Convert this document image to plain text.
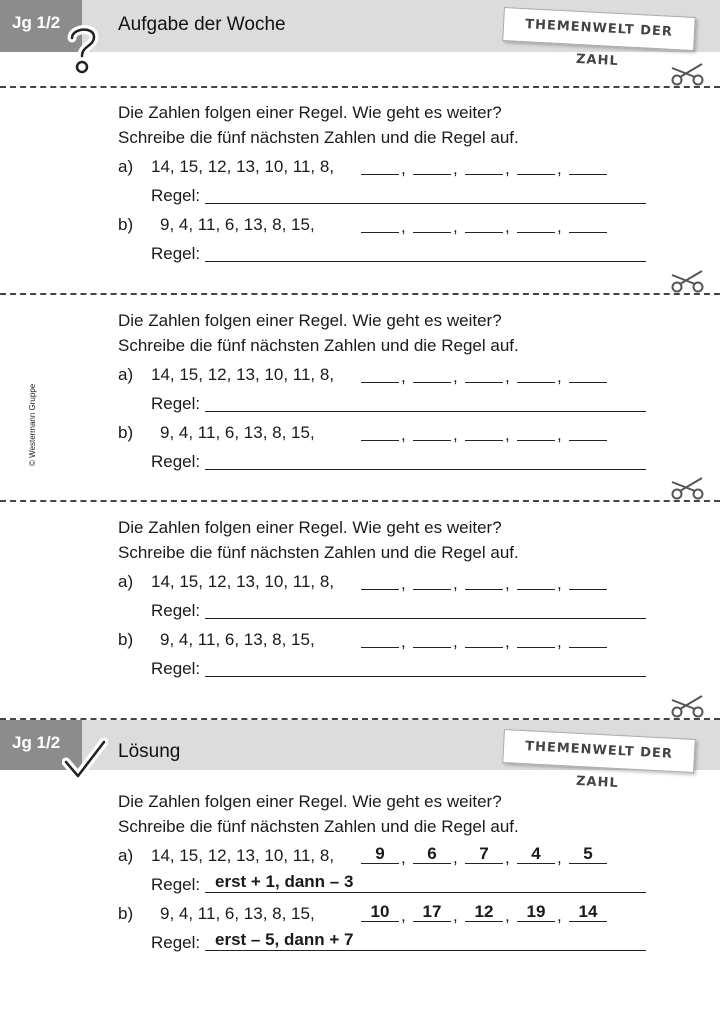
Jg 1/2	Aufgabe der Woche	THEMENWELT DER ZAHL
Die Zahlen folgen einer Regel. Wie geht es weiter?
Schreibe die fünf nächsten Zahlen und die Regel auf.
a) 14, 15, 12, 13, 10, 11, 8,	,	,	,	,
Regel:
b) 9, 4, 11, 6, 13, 8, 15,	,	,	,	,
Regel:
Die Zahlen folgen einer Regel. Wie geht es weiter?
Schreibe die fünf nächsten Zahlen und die Regel auf.
a) 14, 15, 12, 13, 10, 11, 8,	,	,	,	,
Regel:
b) 9, 4, 11, 6, 13, 8, 15,	,	,	,	,
Regel:
© Westermann Gruppe
Die Zahlen folgen einer Regel. Wie geht es weiter?
Schreibe die fünf nächsten Zahlen und die Regel auf.
a) 14, 15, 12, 13, 10, 11, 8,	,	,	,	,
Regel:
b) 9, 4, 11, 6, 13, 8, 15,	,	,	,	,
Regel:
Jg 1/2	Lösung	THEMENWELT DER ZAHL
Die Zahlen folgen einer Regel. Wie geht es weiter?
Schreibe die fünf nächsten Zahlen und die Regel auf.
a) 14, 15, 12, 13, 10, 11, 8,	9 ,	6 ,	7 ,	4 ,	5
Regel: erst + 1, dann – 3
b) 9, 4, 11, 6, 13, 8, 15,	10 , 17 , 12 , 19 , 14
Regel: erst – 5, dann + 7
